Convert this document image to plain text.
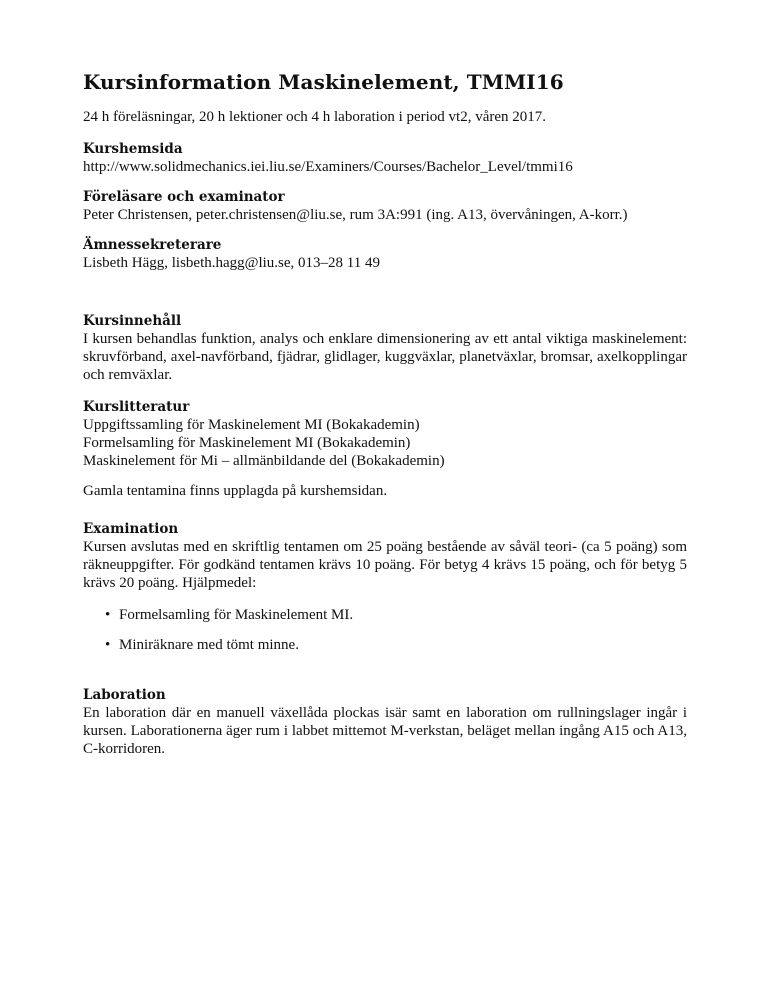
Kursinformation Maskinelement, TMMI16

24 h föreläsningar, 20 h lektioner och 4 h laboration i period vt2, våren 2017.

Kurshemsida
http://www.solidmechanics.iei.liu.se/Examiners/Courses/Bachelor_Level/tmmi16
Föreläsare och examinator
Peter Christensen, peter.christensen@liu.se, rum 3A:991 (ing. A13, övervåningen, A-korr.)
Ämnessekreterare
Lisbeth Hägg, lisbeth.hagg@liu.se, 013–28 11 49
Kursinnehåll

I kursen behandlas funktion, analys och enklare dimensionering av ett antal viktiga maskinelement: skruvförband, axel-navförband, fjädrar, glidlager, kuggväxlar, planetväxlar, bromsar, axelkopplingar och remväxlar.

Kurslitteratur
Uppgiftssamling för Maskinelement MI (Bokakademin)
Formelsamling för Maskinelement MI (Bokakademin)
Maskinelement för Mi – allmänbildande del (Bokakademin)
Gamla tentamina finns upplagda på kurshemsidan.
Examination

Kursen avslutas med en skriftlig tentamen om 25 poäng bestående av såväl teori- (ca 5 poäng) som räkneuppgifter. För godkänd tentamen krävs 10 poäng. För betyg 4 krävs 15 poäng, och för betyg 5 krävs 20 poäng. Hjälpmedel:

• Formelsamling för Maskinelement MI.
• Miniräknare med tömt minne.
Laboration

En laboration där en manuell växellåda plockas isär samt en laboration om rullningslager ingår i kursen. Laborationerna äger rum i labbet mittemot M-verkstan, beläget mellan ingång A15 och A13, C-korridoren.
